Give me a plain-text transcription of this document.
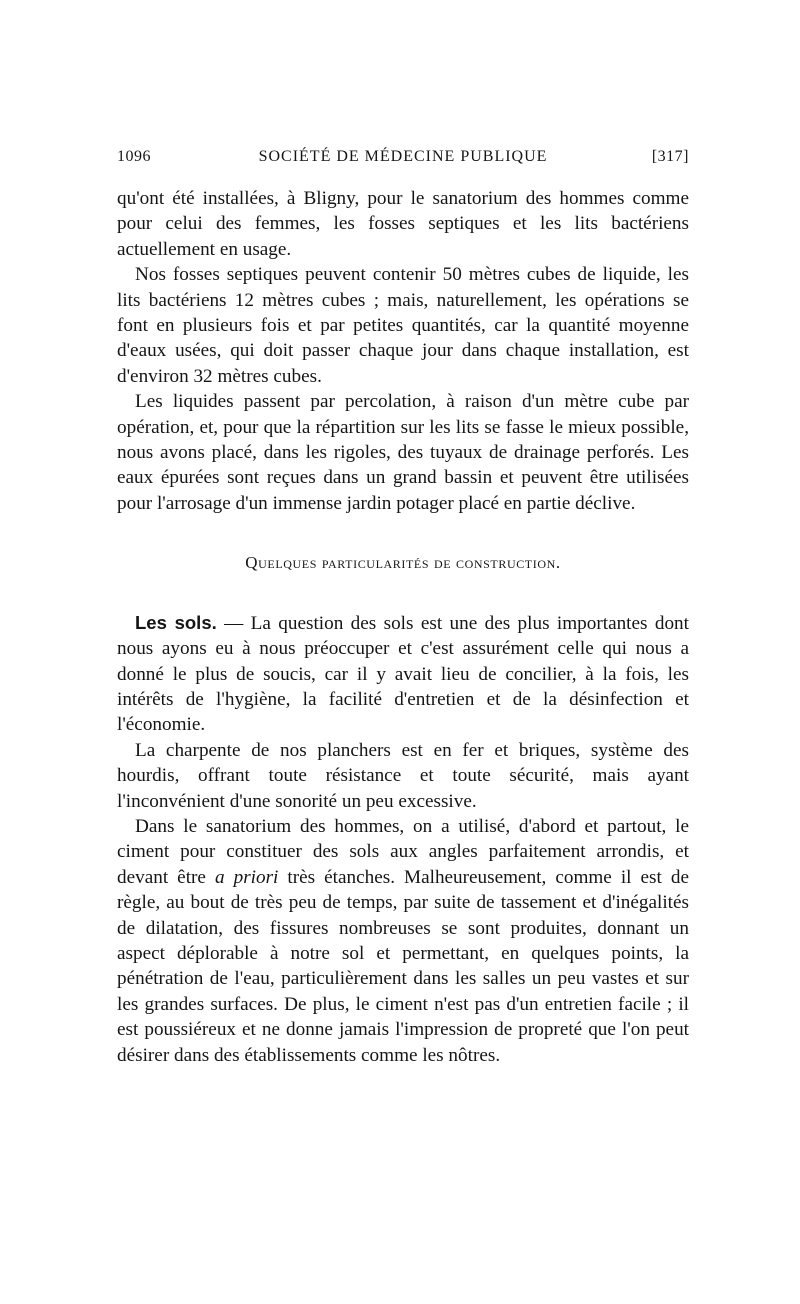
1096	SOCIÉTÉ DE MÉDECINE PUBLIQUE	[317]

qu'ont été installées, à Bligny, pour le sanatorium des hommes comme pour celui des femmes, les fosses septiques et les lits bactériens actuellement en usage.

Nos fosses septiques peuvent contenir 50 mètres cubes de liquide, les lits bactériens 12 mètres cubes ; mais, naturellement, les opérations se font en plusieurs fois et par petites quantités, car la quantité moyenne d'eaux usées, qui doit passer chaque jour dans chaque installation, est d'environ 32 mètres cubes.

Les liquides passent par percolation, à raison d'un mètre cube par opération, et, pour que la répartition sur les lits se fasse le mieux possible, nous avons placé, dans les rigoles, des tuyaux de drainage perforés. Les eaux épurées sont reçues dans un grand bassin et peuvent être utilisées pour l'arrosage d'un immense jardin potager placé en partie déclive.

Quelques particularités de construction.

Les sols. — La question des sols est une des plus importantes dont nous ayons eu à nous préoccuper et c'est assurément celle qui nous a donné le plus de soucis, car il y avait lieu de concilier, à la fois, les intérêts de l'hygiène, la facilité d'entretien et de la désinfection et l'économie.

La charpente de nos planchers est en fer et briques, système des hourdis, offrant toute résistance et toute sécurité, mais ayant l'inconvénient d'une sonorité un peu excessive.

Dans le sanatorium des hommes, on a utilisé, d'abord et partout, le ciment pour constituer des sols aux angles parfaitement arrondis, et devant être a priori très étanches. Malheureusement, comme il est de règle, au bout de très peu de temps, par suite de tassement et d'inégalités de dilatation, des fissures nombreuses se sont produites, donnant un aspect déplorable à notre sol et permettant, en quelques points, la pénétration de l'eau, particulièrement dans les salles un peu vastes et sur les grandes surfaces. De plus, le ciment n'est pas d'un entretien facile ; il est poussiéreux et ne donne jamais l'impression de propreté que l'on peut désirer dans des établissements comme les nôtres.
